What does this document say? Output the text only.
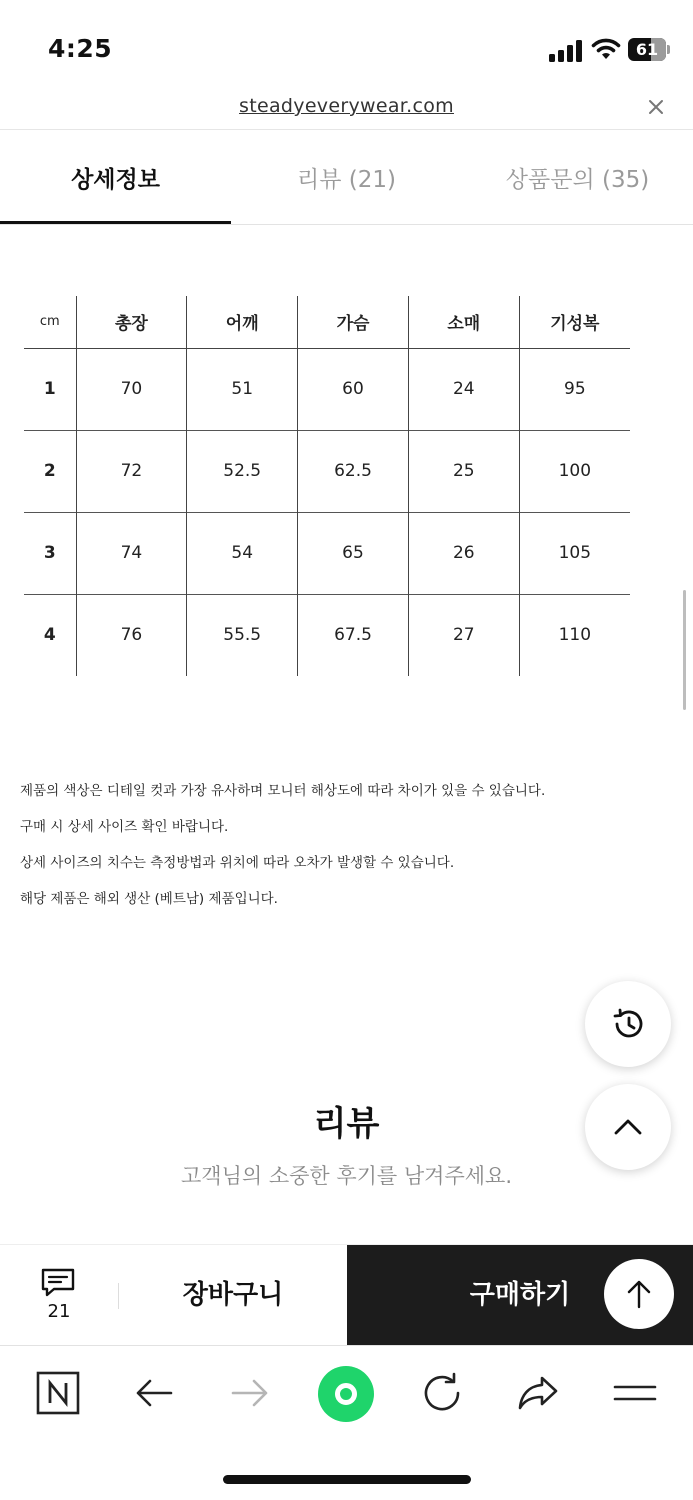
4:25	61
steadyeverywear.com
상세정보	리뷰 (21)	상품문의 (35)
cm	총장	어깨	가슴	소매	기성복
1	70	51	60	24	95
2	72	52.5	62.5	25	100
3	74	54	65	26	105
4	76	55.5	67.5	27	110
제품의 색상은 디테일 컷과 가장 유사하며 모니터 해상도에 따라 차이가 있을 수 있습니다.
구매 시 상세 사이즈 확인 바랍니다.
상세 사이즈의 치수는 측정방법과 위치에 따라 오차가 발생할 수 있습니다.
해당 제품은 해외 생산 (베트남) 제품입니다.
리뷰
고객님의 소중한 후기를 남겨주세요.
21
장바구니	구매하기
